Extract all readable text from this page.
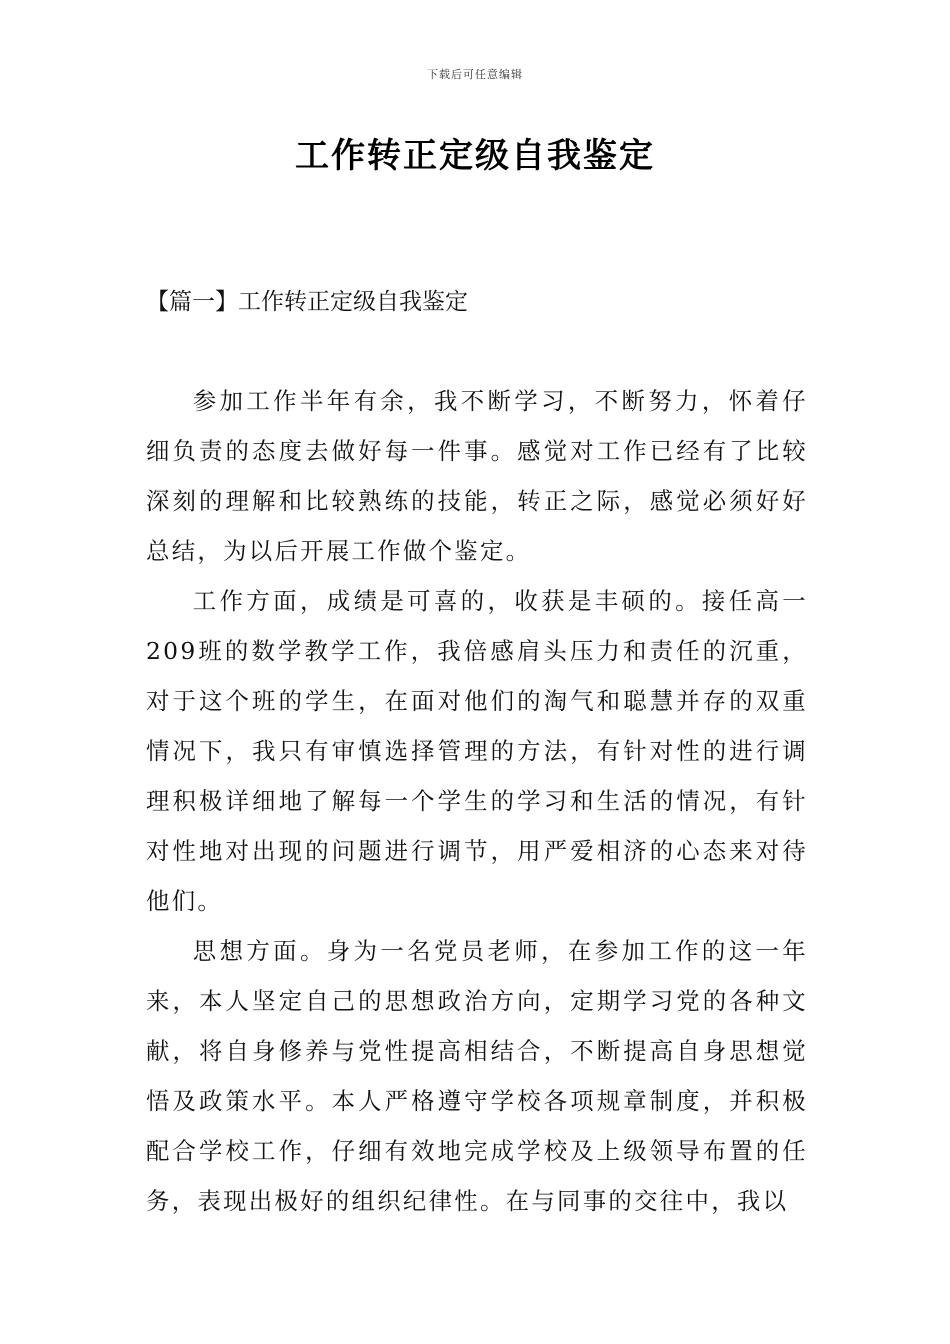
下载后可任意编辑
工作转正定级自我鉴定
【篇一】工作转正定级自我鉴定

参加工作半年有余，我不断学习，不断努力，怀着仔细负责的态度去做好每一件事。感觉对工作已经有了比较深刻的理解和比较熟练的技能，转正之际，感觉必须好好总结，为以后开展工作做个鉴定。

工作方面，成绩是可喜的，收获是丰硕的。接任高一209班的数学教学工作，我倍感肩头压力和责任的沉重，对于这个班的学生，在面对他们的淘气和聪慧并存的双重情况下，我只有审慎选择管理的方法，有针对性的进行调理积极详细地了解每一个学生的学习和生活的情况，有针对性地对出现的问题进行调节，用严爱相济的心态来对待他们。

思想方面。身为一名党员老师，在参加工作的这一年来，本人坚定自己的思想政治方向，定期学习党的各种文献，将自身修养与党性提高相结合，不断提高自身思想觉悟及政策水平。本人严格遵守学校各项规章制度，并积极配合学校工作，仔细有效地完成学校及上级领导布置的任务，表现出极好的组织纪律性。在与同事的交往中，我以
